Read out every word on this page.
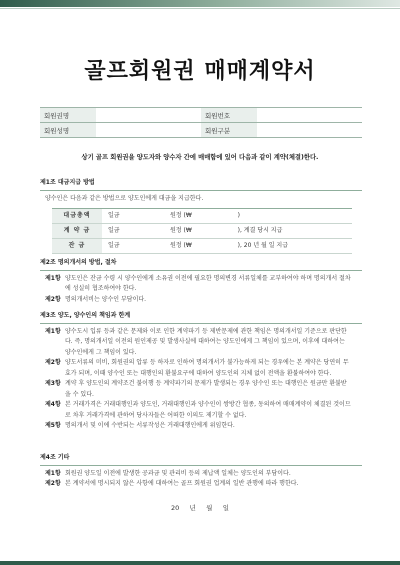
골프회원권 매매계약서
회원권명		회원번호	
회원성명		회원구분	
상기 골프 회원권을 양도자와 양수자 간에 매매함에 있어 다음과 같이 계약(체결)한다.
제1조 대금지급 방법
양수인은 다음과 같은 방법으로 양도인에게 대금을 지급한다.
대금총액	일금	원정 (₩ )
계 약 금	일금	원정 (₩ ), 계결 당시 지급
잔 금	일금	원정 (₩ ), 20 년 월 일 지급
제2조 명의개서의 방법, 절차
제1항 양도인은 잔금 수령 시 양수인에게 소유권 이전에 필요한 명의변경 서류일체를 교부하여야 하며 명의개서 절차에 성실히 협조하여야 한다.
제2항 명의개서비는 양수인 부담이다.
제3조 양도, 양수인의 책임과 한계
제1항 양수도시 입류 등과 같은 문제와 이로 인한 계약파기 등 제반문제에 관한 책임은 명의개서일 기준으로 판단한다. 즉, 명의개서일 이전의 원인제공 및 발생사실에 대하여는 양도인에게 그 책임이 있으며, 이후에 대하여는 양수인에게 그 책임이 있다.
제2항 양도서류의 미비, 회원권의 압류 등 하자로 인하여 명의개서가 불가능하게 되는 경우에는 본 계약은 당연히 무효가 되며, 이때 양수인 또는 대행인의 환불요구에 대하여 양도인의 지체 없이 전액을 환불하여야 한다.
제3항 계약 후 양도인의 계약조건 불이행 등 계약파기의 문제가 발생되는 경우 양수인 또는 대행인은 원금만 환불받을 수 있다.
제4항 본 거래가격은 거래대행인과 양도인, 거래대행인과 양수인이 쌍방간 협종, 동의하여 매매계약이 체결된 것이므로 차후 거래가격에 관하여 당사자들은 어떠한 이의도 제기할 수 없다.
제5항 명의개서 및 이에 수반되는 서류작성은 거래대행인에게 위임한다.
제4조 기타
제1항 회원권 양도일 이전에 발생한 공과금 및 관리비 등의 제납액 일체는 양도인의 부담이다.
제2항 본 계약서에 명시되지 않은 사항에 대하여는 골프 회원권 업계의 일반 관행에 따라 행한다.
20     년     월     일
